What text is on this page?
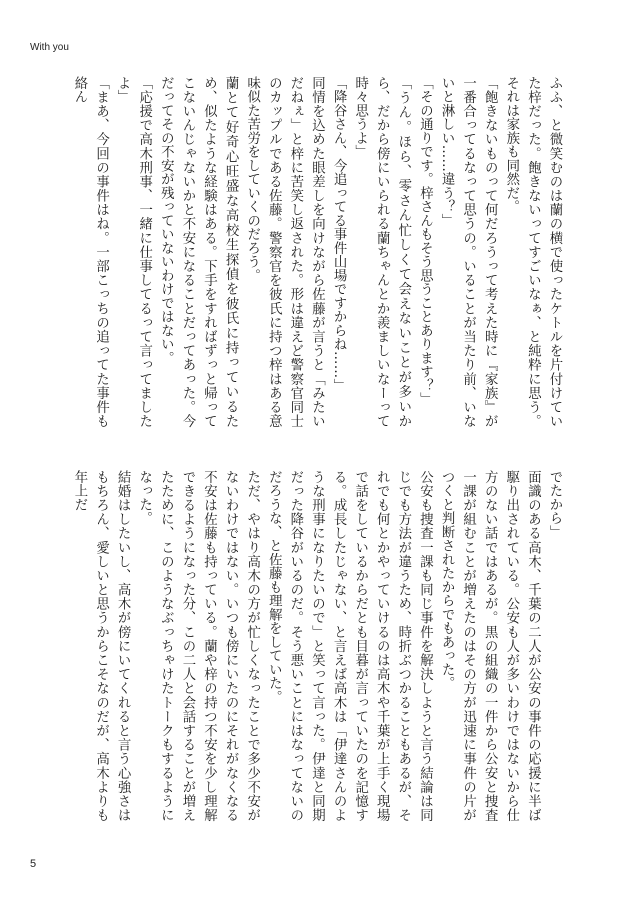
With you

ふふ、と微笑むのは蘭の横で使ったケトルを片付けていた梓だった。飽きないってすごいなぁ、と純粋に思う。それは家族も同然だ。

「飽きないものって何だろうって考えた時に『家族』が一番合ってるなって思うの。いることが当たり前、いないと淋しい……違う？」

「その通りです。梓さんもそう思うことあります？」

「うん。ほら、零さん忙しくて会えないことが多いから、だから傍にいられる蘭ちゃんとか羨ましいなーって時々思うよ」

「降谷さん、今追ってる事件山場ですからね……」

同情を込めた眼差しを向けながら佐藤が言うと「みたいだねぇ」と梓に苦笑し返された。形は違えど警察官同士のカップルである佐藤。警察官を彼氏に持つ梓はある意味似た苦労をしていくのだろう。

蘭とて好奇心旺盛な高校生探偵を彼氏に持っているため、似たような経験はある。下手をすればずっと帰ってこないんじゃないかと不安になることだってあった。今だってその不安が残っていないわけではない。

「応援で高木刑事、一緒に仕事してるって言ってましたよ」

「まあ、今回の事件はね。一部こっちの追ってた事件も絡ん

でたから」

面識のある高木、千葉の二人が公安の事件の応援に半ば駆り出されている。公安も人が多いわけではないから仕方のない話ではあるが。黒の組織の一件から公安と捜査一課が組むことが増えたのはその方が迅速に事件の片がつくと判断されたからでもあった。

公安も捜査一課も同じ事件を解決しようと言う結論は同じでも方法が違うため、時折ぶつかることもあるが、それでも何とかやっていけるのは高木や千葉が上手く現場で話をしているからだとも目暮が言っていたのを記憶する。成長したじゃない、と言えば高木は「伊達さんのような刑事になりたいので」と笑って言った。伊達と同期だった降谷がいるのだ。そう悪いことにはなってないのだろうな、と佐藤も理解をしていた。

ただ、やはり高木の方が忙しくなったことで多少不安がないわけではない。いつも傍にいたのにそれがなくなる不安は佐藤も持っている。蘭や梓の持つ不安を少し理解できるようになった分、この二人と会話することが増えたために、このようなぶっちゃけたトークもするようになった。

結婚はしたいし、高木が傍にいてくれると言う心強さはもちろん、愛しいと思うからこそなのだが、高木よりも年上だ

5
